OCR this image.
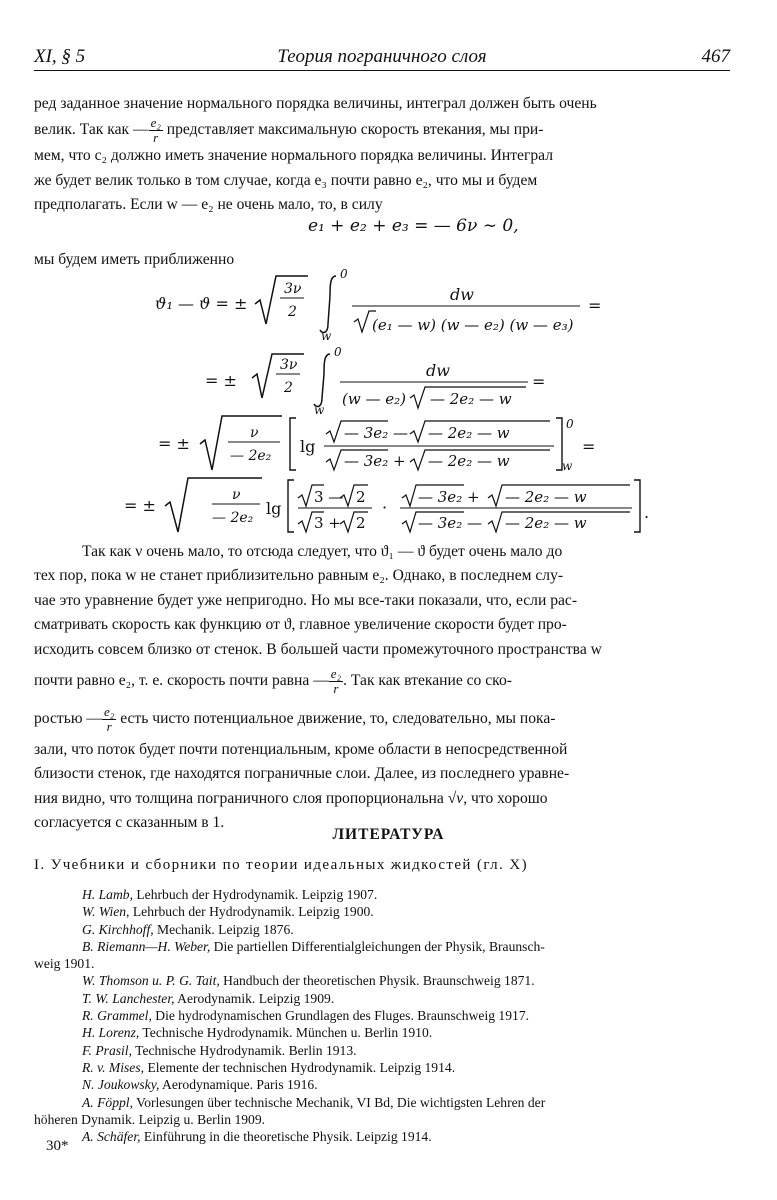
XI, § 5	Теория пограничного слоя	467

ред заданное значение нормального порядка величины, интеграл должен быть очень

велик. Так как — $\frac{\text{e₂}}{r}$ представляет максимальную скорость втекания, мы при-

мем, что c₂ должно иметь значение нормального порядка величины. Интеграл

же будет велик только в том случае, когда e₃ почти равно e₂, что мы и будем

предполагать. Если w — e₂ не очень мало, то, в силу

e₁ + e₂ + e₃ = — 6ν ∼ 0,
мы будем иметь приближенно
ϑ₁ — ϑ = ±
3ν
2
0
w
dw
(e₁ — w) (w — e₂) (w — e₃)
=
= ±
3ν
2
0
w
dw
(w — e₂) — 2e₂ — w
=
= ±
ν
— 2e₂ lg
— 3e₂ — — 2e₂ — w
— 3e₂ + — 2e₂ — w
0
w
=
= ±
ν
— 2e₂ lg
3 — 2
3 + 2
·
— 3e₂ + — 2e₂ — w
— 3e₂ — — 2e₂ — w
.

Так как ν очень мало, то отсюда следует, что ϑ₁ — ϑ будет очень мало до

тех пор, пока w не станет приблизительно равным e₂. Однако, в последнем слу-

чае это уравнение будет уже непригодно. Но мы все-таки показали, что, если рас-

сматривать скорость как функцию от ϑ, главное увеличение скорости будет про-

исходить совсем близко от стенок. В большей части промежуточного пространства w

почти равно e₂, т. е. скорость почти равна — $\frac{\text{e₂}}{r}$ . Так как втекание со ско-

ростью — $\frac{\text{e₂}}{r}$ есть чисто потенциальное движение, то, следовательно, мы пока-

зали, что поток будет почти потенциальным, кроме области в непосредственной

близости стенок, где находятся пограничные слои. Далее, из последнего уравне-

ния видно, что толщина пограничного слоя пропорциональна √ν, что хорошо

согласуется с сказанным в 1.

ЛИТЕРАТУРА
I. Учебники и сборники по теории идеальных жидкостей (гл. X)

H. Lamb, Lehrbuch der Hydrodynamik. Leipzig 1907.

W. Wien, Lehrbuch der Hydrodynamik. Leipzig 1900.

G. Kirchhoff, Mechanik. Leipzig 1876.

B. Riemann—H. Weber, Die partiellen Differentialgleichungen der Physik, Braunsch-
weig 1901.

W. Thomson u. P. G. Tait, Handbuch der theoretischen Physik. Braunschweig 1871.

T. W. Lanchester, Aerodynamik. Leipzig 1909.

R. Grammel, Die hydrodynamischen Grundlagen des Fluges. Braunschweig 1917.

H. Lorenz, Technische Hydrodynamik. München u. Berlin 1910.

F. Prasil, Technische Hydrodynamik. Berlin 1913.

R. v. Mises, Elemente der technischen Hydrodynamik. Leipzig 1914.

N. Joukowsky, Aerodynamique. Paris 1916.

A. Föppl, Vorlesungen über technische Mechanik, VI Bd, Die wichtigsten Lehren der
höheren Dynamik. Leipzig u. Berlin 1909.

A. Schäfer, Einführung in die theoretische Physik. Leipzig 1914.

30*
